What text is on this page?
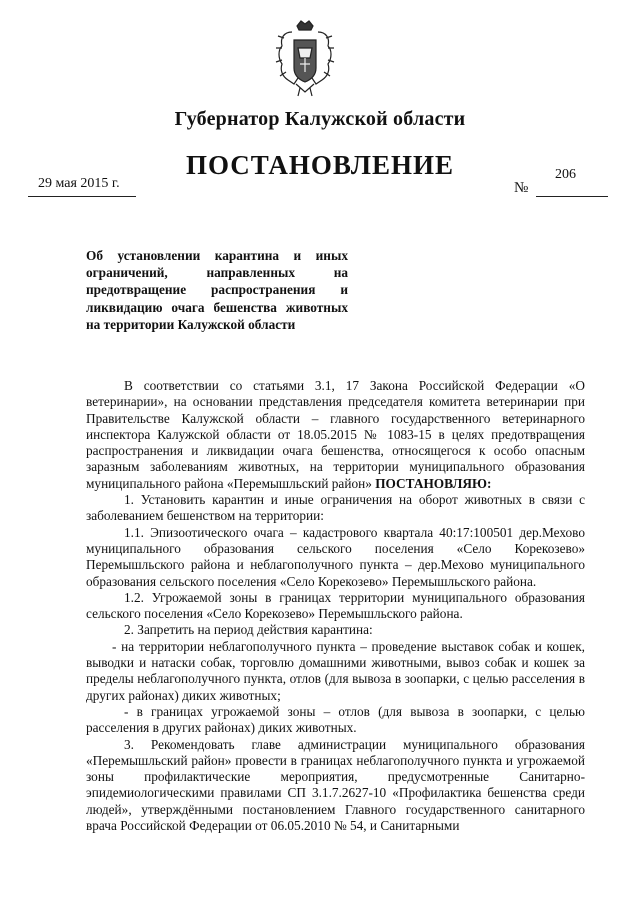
Губернатор Калужской области
ПОСТАНОВЛЕНИЕ
29 мая 2015 г.	№
206
Об установлении карантина и иных ограничений, направленных на предотвращение распространения и ликвидацию очага бешенства животных на территории Калужской области

В соответствии со статьями 3.1, 17 Закона Российской Федерации «О ветеринарии», на основании представления председателя комитета ветеринарии при Правительстве Калужской области – главного государственного ветеринарного инспектора Калужской области от 18.05.2015 № 1083-15 в целях предотвращения распространения и ликвидации очага бешенства, относящегося к особо опасным заразным заболеваниям животных, на территории муниципального образования муниципального района «Перемышльский район» ПОСТАНОВЛЯЮ:

1. Установить карантин и иные ограничения на оборот животных в связи с заболеванием бешенством на территории:

1.1. Эпизоотического очага – кадастрового квартала 40:17:100501 дер.Мехово муниципального образования сельского поселения «Село Корекозево» Перемышльского района и неблагополучного пункта – дер.Мехово муниципального образования сельского поселения «Село Корекозево» Перемышльского района.

1.2. Угрожаемой зоны в границах территории муниципального образования сельского поселения «Село Корекозево» Перемышльского района.

2. Запретить на период действия карантина:

- на территории неблагополучного пункта – проведение выставок собак и кошек, выводки и натаски собак, торговлю домашними животными, вывоз собак и кошек за пределы неблагополучного пункта, отлов (для вывоза в зоопарки, с целью расселения в других районах) диких животных;

- в границах угрожаемой зоны – отлов (для вывоза в зоопарки, с целью расселения в других районах) диких животных.

3. Рекомендовать главе администрации муниципального образования «Перемышльский район» провести в границах неблагополучного пункта и угрожаемой зоны профилактические мероприятия, предусмотренные Санитарно-эпидемиологическими правилами СП 3.1.7.2627-10 «Профилактика бешенства среди людей», утверждёнными постановлением Главного государственного санитарного врача Российской Федерации от 06.05.2010 № 54, и Санитарными
